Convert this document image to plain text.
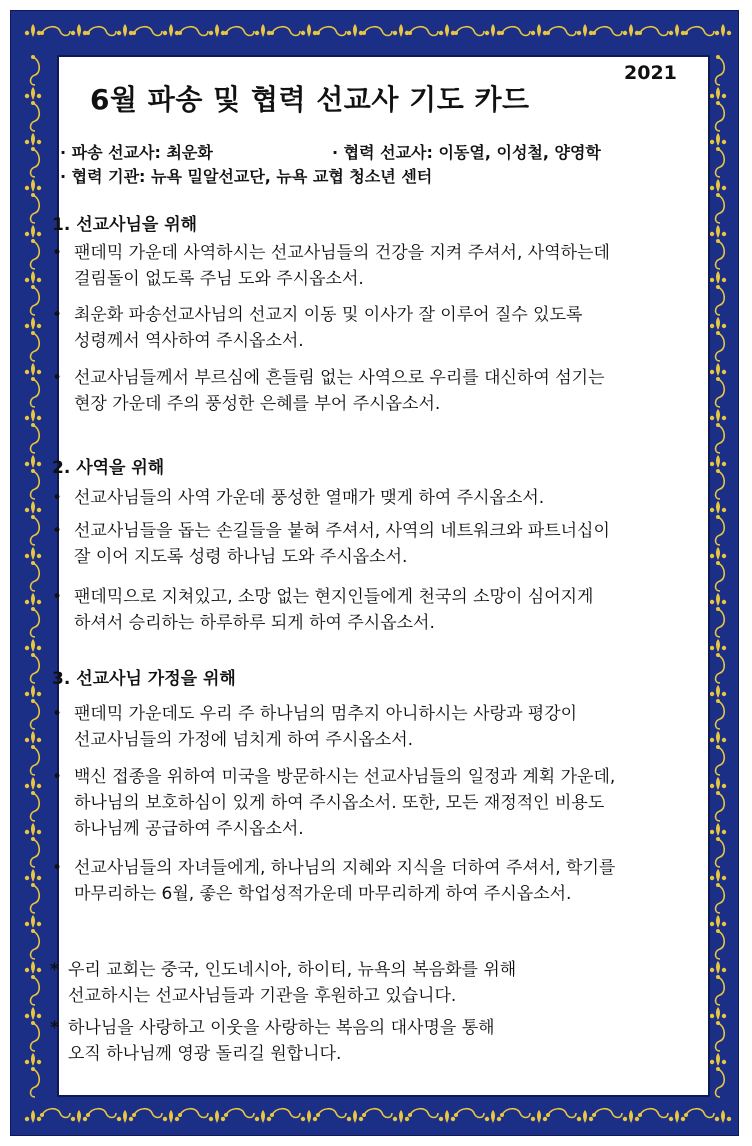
2021
6월 파송 및 협력 선교사 기도 카드
· 파송 선교사: 최운화	· 협력 선교사: 이동열, 이성철, 양영학
· 협력 기관: 뉴욕 밀알선교단, 뉴욕 교협 청소년 센터
1. 선교사님을 위해
• 팬데믹 가운데 사역하시는 선교사님들의 건강을 지켜 주셔서, 사역하는데
걸림돌이 없도록 주님 도와 주시옵소서.
• 최운화 파송선교사님의 선교지 이동 및 이사가 잘 이루어 질수 있도록
성령께서 역사하여 주시옵소서.
• 선교사님들께서 부르심에 흔들림 없는 사역으로 우리를 대신하여 섬기는
현장 가운데 주의 풍성한 은혜를 부어 주시옵소서.
2. 사역을 위해
• 선교사님들의 사역 가운데 풍성한 열매가 맺게 하여 주시옵소서.
• 선교사님들을 돕는 손길들을 붙혀 주셔서, 사역의 네트워크와 파트너십이
잘 이어 지도록 성령 하나님 도와 주시옵소서.
• 팬데믹으로 지쳐있고, 소망 없는 현지인들에게 천국의 소망이 심어지게
하셔서 승리하는 하루하루 되게 하여 주시옵소서.
3. 선교사님 가정을 위해
• 팬데믹 가운데도 우리 주 하나님의 멈추지 아니하시는 사랑과 평강이
선교사님들의 가정에 넘치게 하여 주시옵소서.
• 백신 접종을 위하여 미국을 방문하시는 선교사님들의 일정과 계획 가운데,
하나님의 보호하심이 있게 하여 주시옵소서. 또한, 모든 재정적인 비용도
하나님께 공급하여 주시옵소서.
• 선교사님들의 자녀들에게, 하나님의 지혜와 지식을 더하여 주셔서, 학기를
마무리하는 6월, 좋은 학업성적가운데 마무리하게 하여 주시옵소서.
* 우리 교회는 중국, 인도네시아, 하이티, 뉴욕의 복음화를 위해
선교하시는 선교사님들과 기관을 후원하고 있습니다.
* 하나님을 사랑하고 이웃을 사랑하는 복음의 대사명을 통해
오직 하나님께 영광 돌리길 원합니다.
